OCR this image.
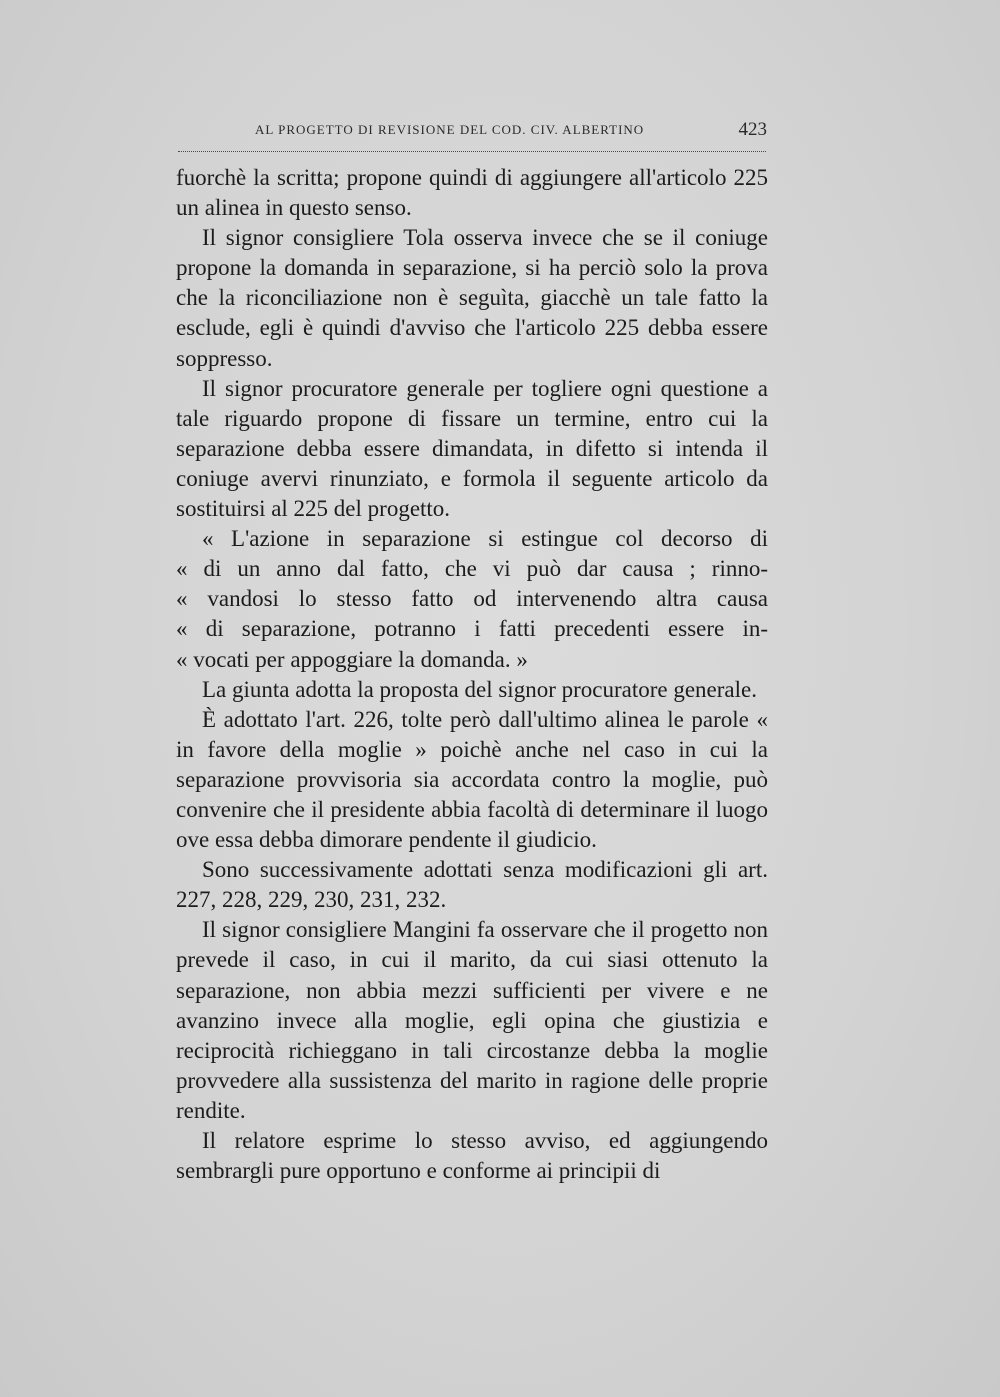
AL PROGETTO DI REVISIONE DEL COD. CIV. ALBERTINO	423

fuorchè la scritta; propone quindi di aggiungere all'articolo 225 un alinea in questo senso.

Il signor consigliere Tola osserva invece che se il coniuge propone la domanda in separazione, si ha perciò solo la prova che la riconciliazione non è seguìta, giacchè un tale fatto la esclude, egli è quindi d'avviso che l'articolo 225 debba essere soppresso.

Il signor procuratore generale per togliere ogni questione a tale riguardo propone di fissare un termine, entro cui la separazione debba essere dimandata, in difetto si intenda il coniuge avervi rinunziato, e formola il seguente articolo da sostituirsi al 225 del progetto.

« L'azione in separazione si estingue col decorso di
« di un anno dal fatto, che vi può dar causa ; rinno-
« vandosi lo stesso fatto od intervenendo altra causa
« di separazione, potranno i fatti precedenti essere in-
« vocati per appoggiare la domanda. »

La giunta adotta la proposta del signor procuratore generale.

È adottato l'art. 226, tolte però dall'ultimo alinea le parole « in favore della moglie » poichè anche nel caso in cui la separazione provvisoria sia accordata contro la moglie, può convenire che il presidente abbia facoltà di determinare il luogo ove essa debba dimorare pendente il giudicio.

Sono successivamente adottati senza modificazioni gli art. 227, 228, 229, 230, 231, 232.

Il signor consigliere Mangini fa osservare che il progetto non prevede il caso, in cui il marito, da cui siasi ottenuto la separazione, non abbia mezzi sufficienti per vivere e ne avanzino invece alla moglie, egli opina che giustizia e reciprocità richieggano in tali circostanze debba la moglie provvedere alla sussistenza del marito in ragione delle proprie rendite.

Il relatore esprime lo stesso avviso, ed aggiungendo sembrargli pure opportuno e conforme ai principii di
